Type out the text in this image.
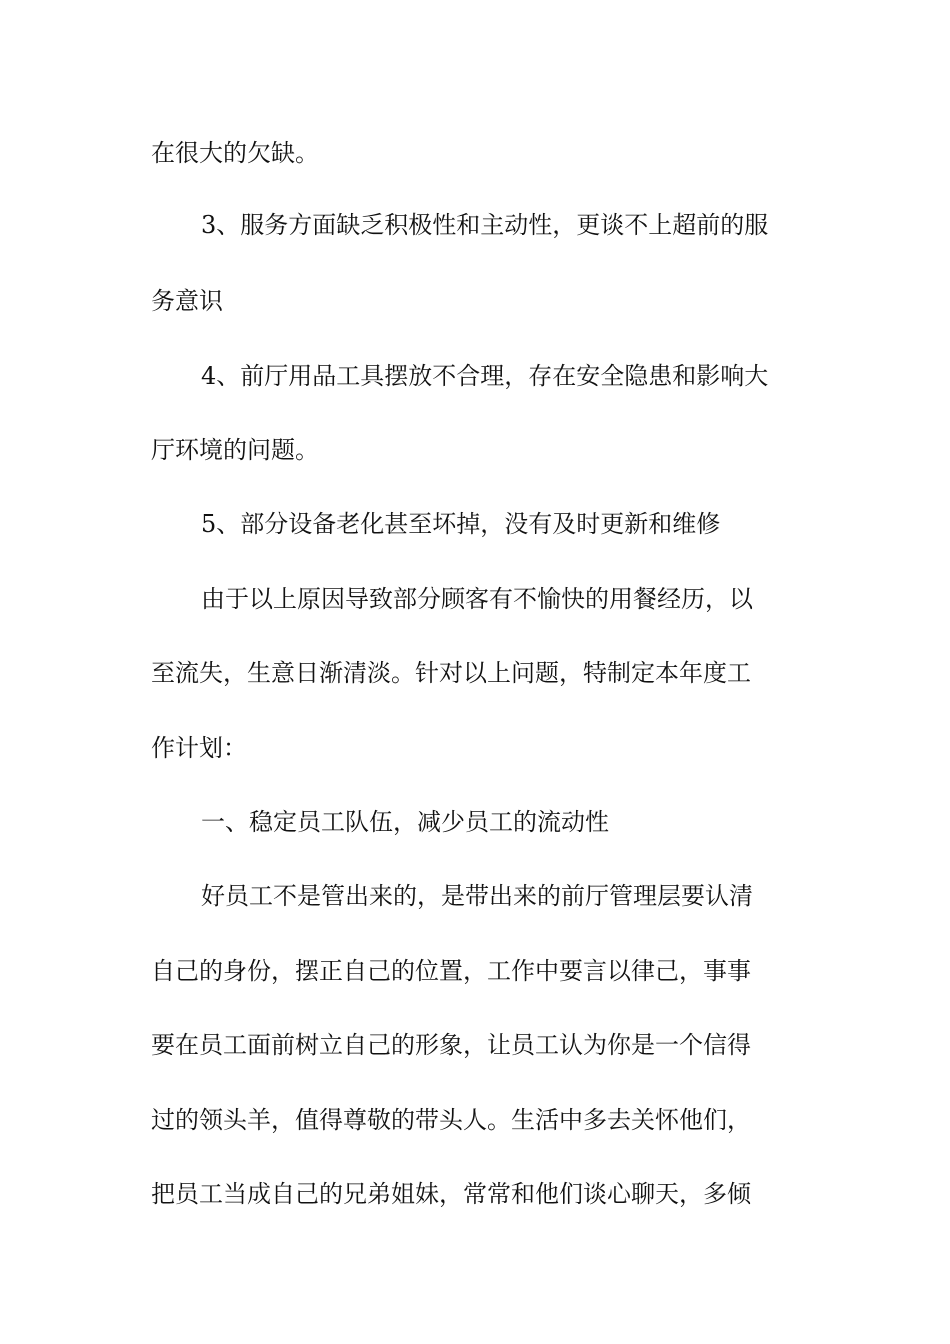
在很大的欠缺。
3、服务方面缺乏积极性和主动性，更谈不上超前的服
务意识
4、前厅用品工具摆放不合理，存在安全隐患和影响大
厅环境的问题。
5、部分设备老化甚至坏掉，没有及时更新和维修
由于以上原因导致部分顾客有不愉快的用餐经历，以
至流失，生意日渐清淡。针对以上问题，特制定本年度工
作计划：
一、稳定员工队伍，减少员工的流动性
好员工不是管出来的，是带出来的前厅管理层要认清
自己的身份，摆正自己的位置，工作中要言以律己，事事
要在员工面前树立自己的形象，让员工认为你是一个信得
过的领头羊，值得尊敬的带头人。生活中多去关怀他们，
把员工当成自己的兄弟姐妹，常常和他们谈心聊天，多倾
